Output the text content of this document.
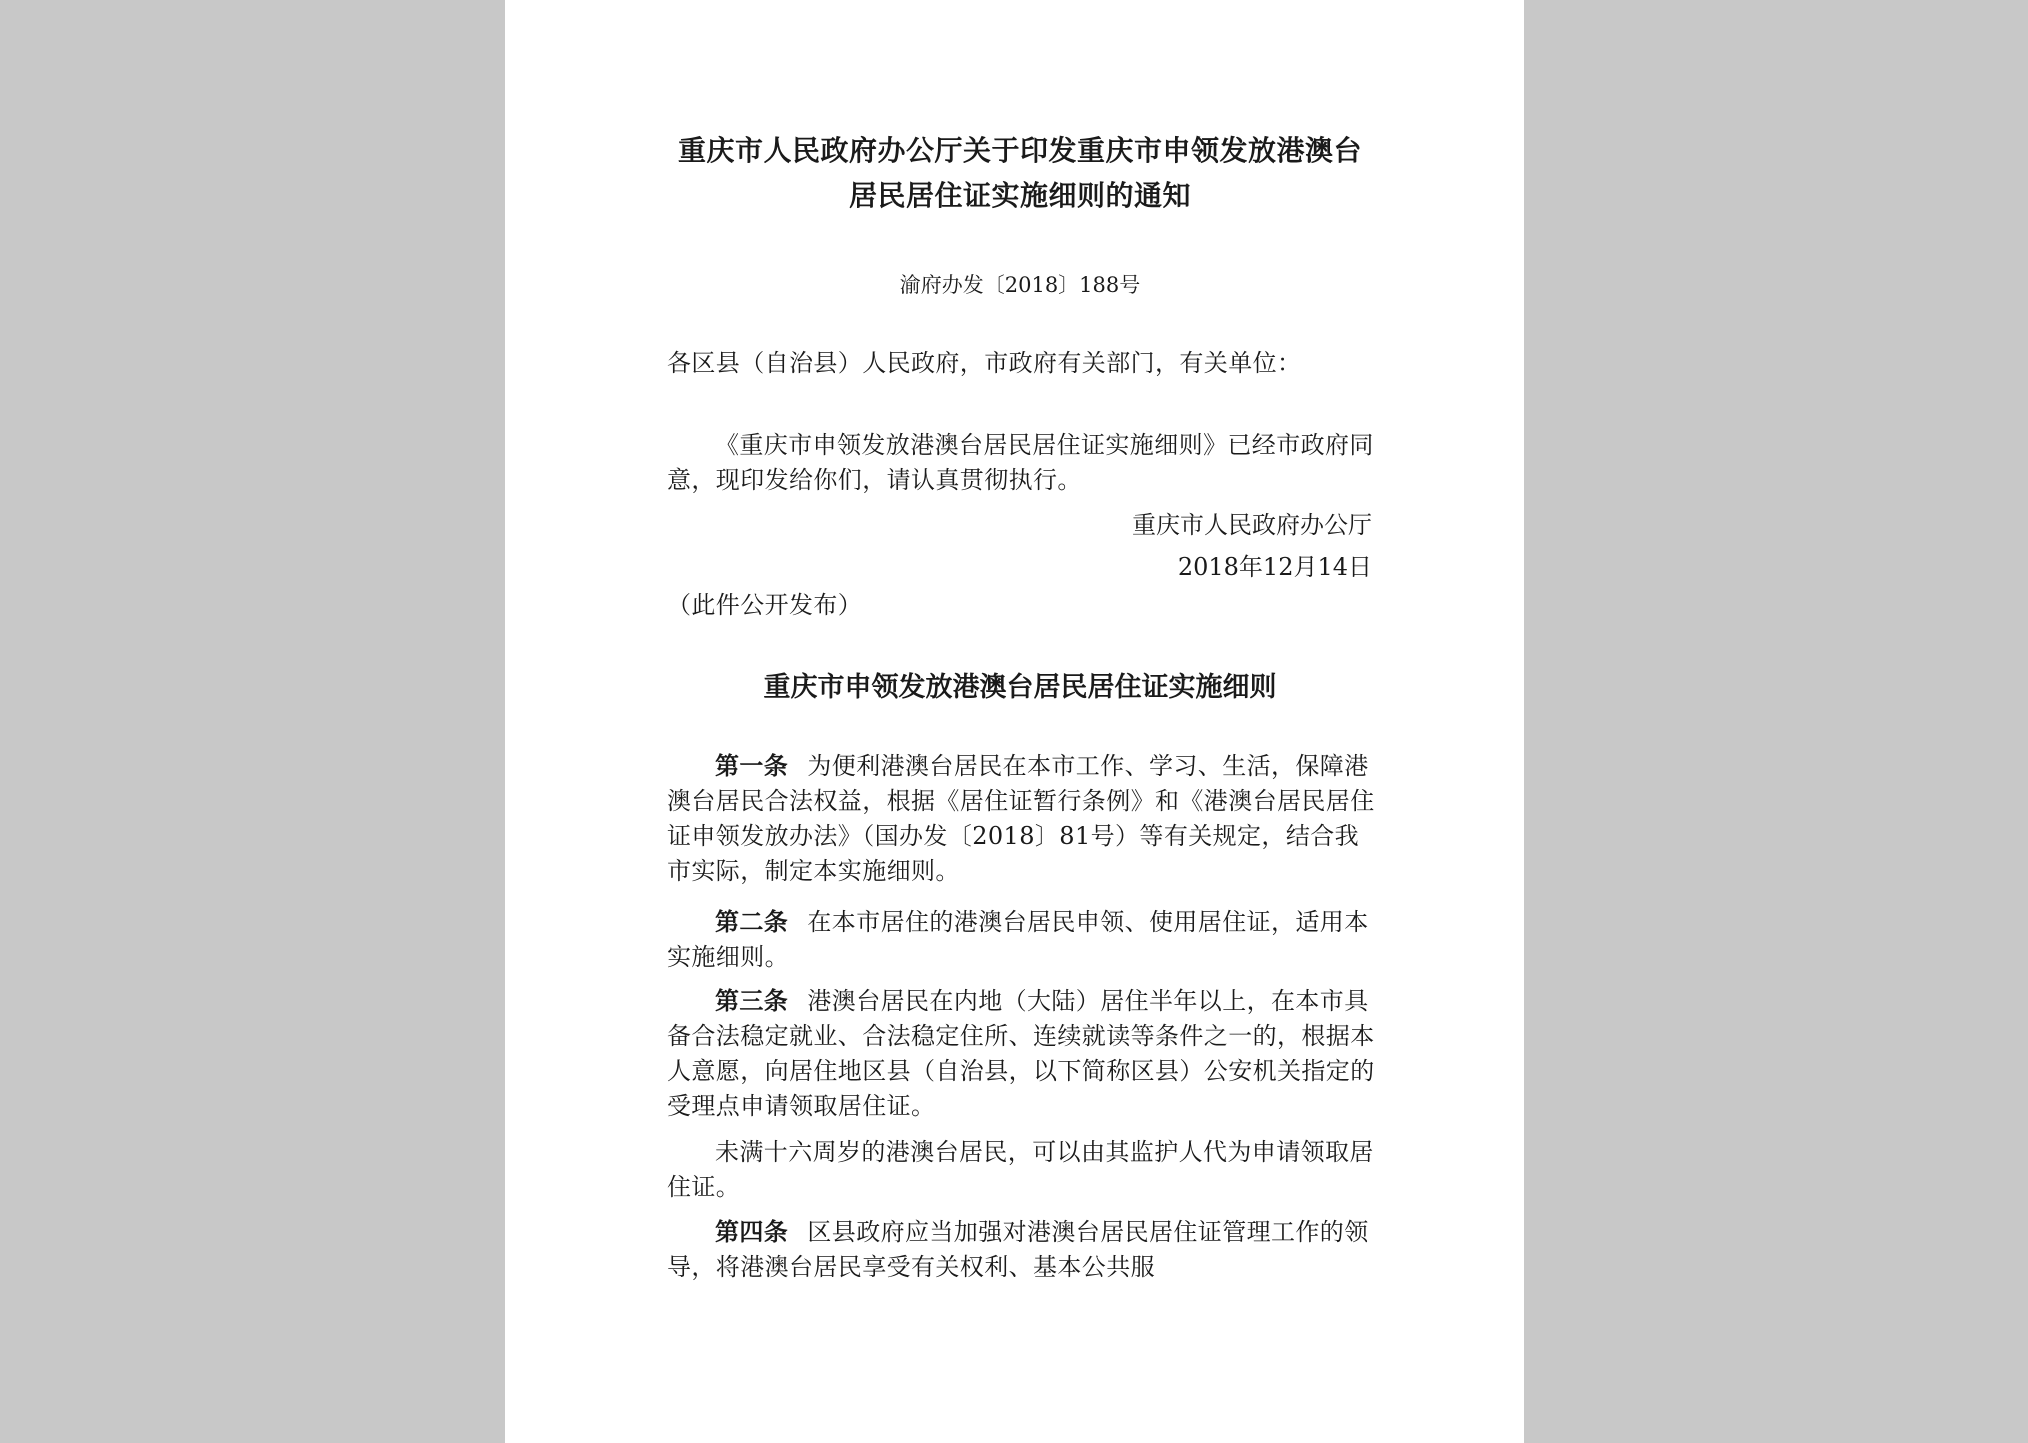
重庆市人民政府办公厅关于印发重庆市申领发放港澳台居民居住证实施细则的通知
渝府办发〔2018〕188号
各区县（自治县）人民政府，市政府有关部门，有关单位：
《重庆市申领发放港澳台居民居住证实施细则》已经市政府同意，现印发给你们，请认真贯彻执行。
重庆市人民政府办公厅
2018年12月14日
（此件公开发布）
重庆市申领发放港澳台居民居住证实施细则
第一条 为便利港澳台居民在本市工作、学习、生活，保障港澳台居民合法权益，根据《居住证暂行条例》和《港澳台居民居住证申领发放办法》（国办发〔2018〕81号）等有关规定，结合我市实际，制定本实施细则。
第二条 在本市居住的港澳台居民申领、使用居住证，适用本实施细则。
第三条 港澳台居民在内地（大陆）居住半年以上，在本市具备合法稳定就业、合法稳定住所、连续就读等条件之一的，根据本人意愿，向居住地区县（自治县，以下简称区县）公安机关指定的受理点申请领取居住证。
未满十六周岁的港澳台居民，可以由其监护人代为申请领取居住证。
第四条 区县政府应当加强对港澳台居民居住证管理工作的领导，将港澳台居民享受有关权利、基本公共服
